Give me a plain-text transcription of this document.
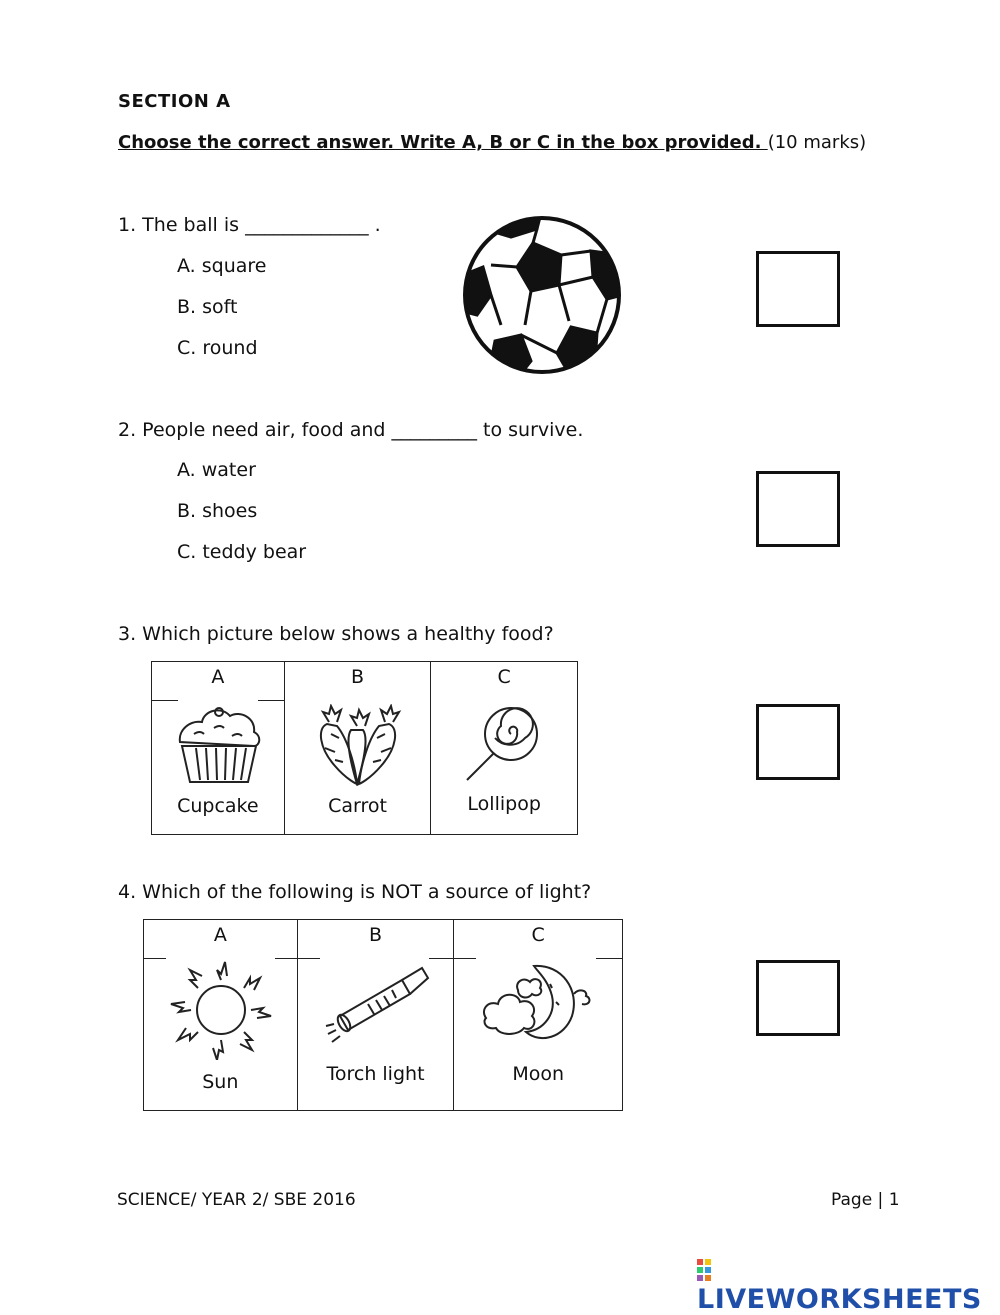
SECTION A
Choose the correct answer. Write A, B or C in the box provided. (10 marks)
1. The ball is _____________ .
A. square
B. soft
C. round
2. People need air, food and _________ to survive.
A. water
B. shoes
C. teddy bear
3. Which picture below shows a healthy food?
A	B	C

Cupcake	Carrot	Lollipop
4. Which of the following is NOT a source of light?
A	B	C

Sun	Torch light	Moon
SCIENCE/ YEAR 2/ SBE 2016	Page | 1
LIVEWORKSHEETS
